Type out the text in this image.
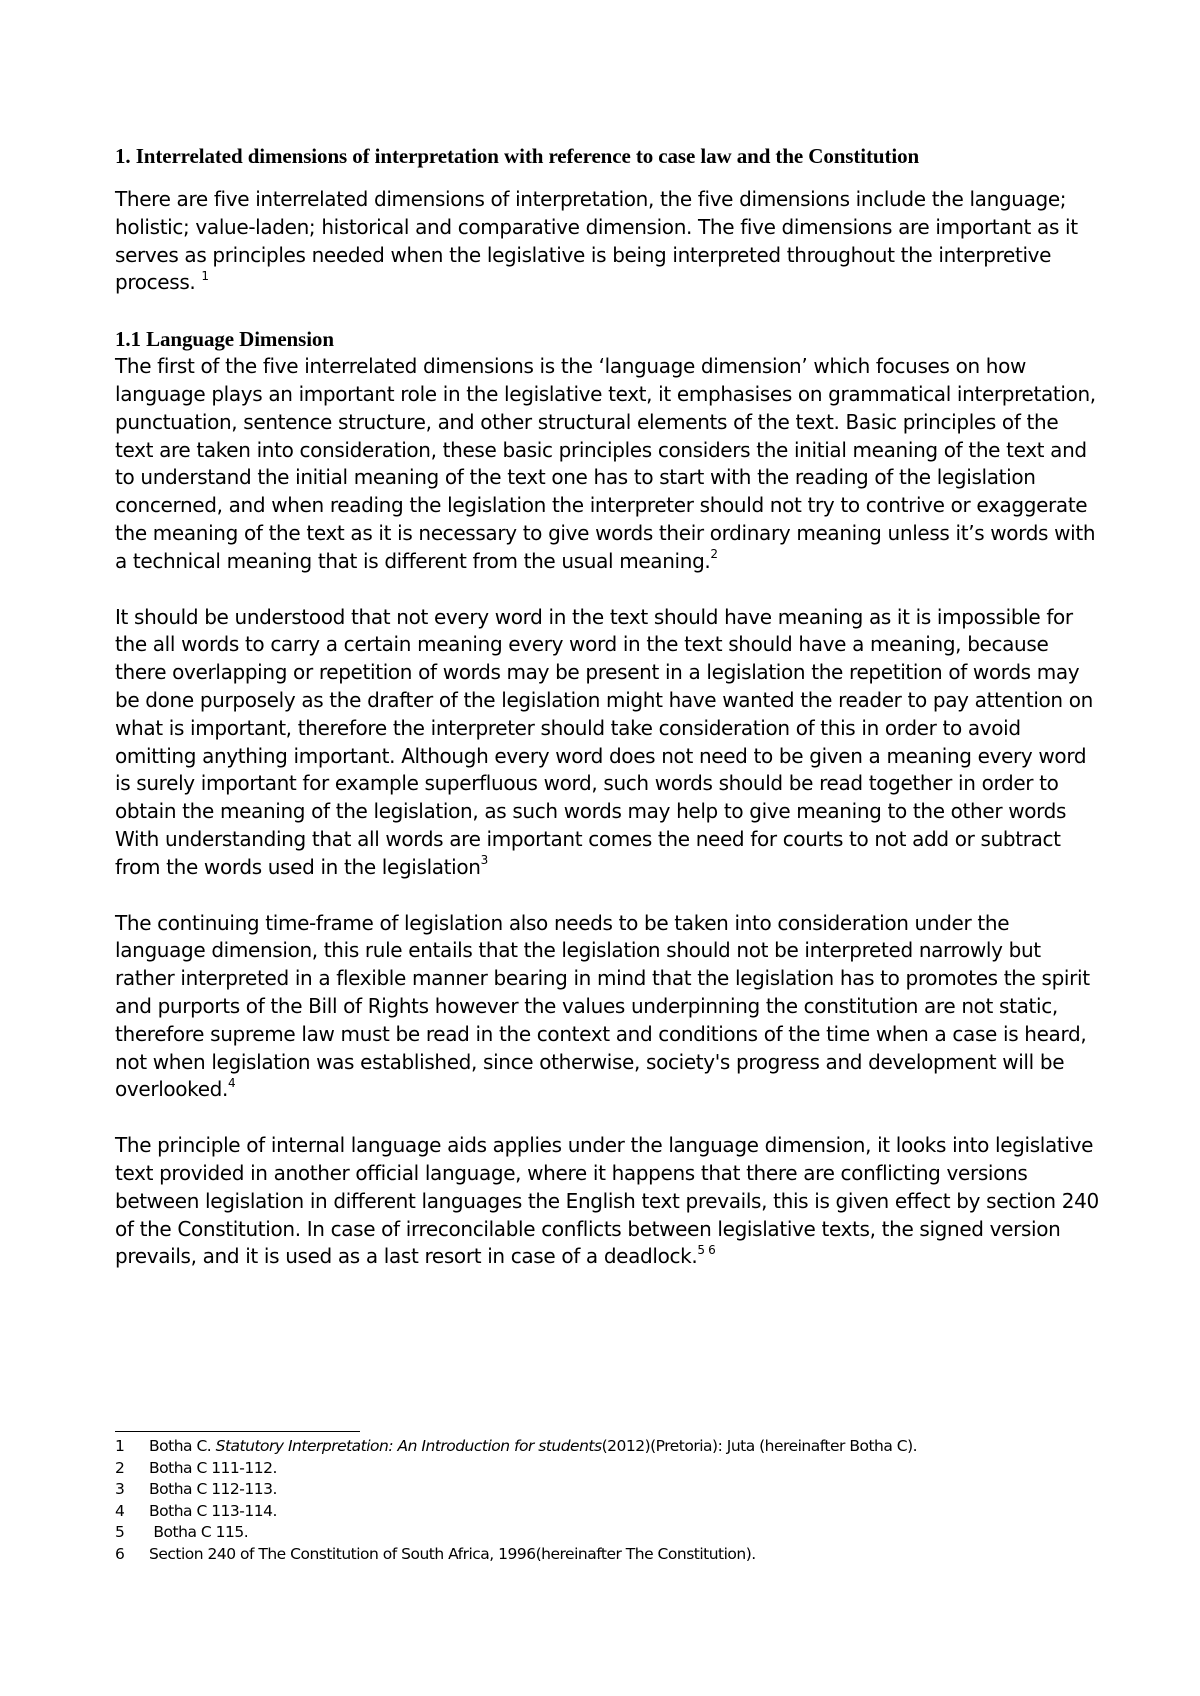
1. Interrelated dimensions of interpretation with reference to case law and the Constitution

There are five interrelated dimensions of interpretation, the five dimensions include the language; holistic; value-laden; historical and comparative dimension. The five dimensions are important as it serves as principles needed when the legislative is being interpreted throughout the interpretive process. $^1$

1.1 Language Dimension

The first of the five interrelated dimensions is the ‘language dimension’ which focuses on how language plays an important role in the legislative text, it emphasises on grammatical interpretation, punctuation, sentence structure, and other structural elements of the text. Basic principles of the text are taken into consideration, these basic principles considers the initial meaning of the text and to understand the initial meaning of the text one has to start with the reading of the legislation concerned, and when reading the legislation the interpreter should not try to contrive or exaggerate the meaning of the text as it is necessary to give words their ordinary meaning unless it’s words with a technical meaning that is different from the usual meaning.$^2$

It should be understood that not every word in the text should have meaning as it is impossible for the all words to carry a certain meaning every word in the text should have a meaning, because there overlapping or repetition of words may be present in a legislation the repetition of words may be done purposely as the drafter of the legislation might have wanted the reader to pay attention on what is important, therefore the interpreter should take consideration of this in order to avoid omitting anything important. Although every word does not need to be given a meaning every word is surely important for example superfluous word, such words should be read together in order to obtain the meaning of the legislation, as such words may help to give meaning to the other words With understanding that all words are important comes the need for courts to not add or subtract from the words used in the legislation$^3$

The continuing time-frame of legislation also needs to be taken into consideration under the language dimension, this rule entails that the legislation should not be interpreted narrowly but rather interpreted in a flexible manner bearing in mind that the legislation has to promotes the spirit and purports of the Bill of Rights however the values underpinning the constitution are not static, therefore supreme law must be read in the context and conditions of the time when a case is heard, not when legislation was established, since otherwise, society's progress and development will be overlooked.$^4$

The principle of internal language aids applies under the language dimension, it looks into legislative text provided in another official language, where it happens that there are conflicting versions between legislation in different languages the English text prevails, this is given effect by section 240 of the Constitution. In case of irreconcilable conflicts between legislative texts, the signed version prevails, and it is used as a last resort in case of a deadlock.$^{5 6}$

1	Botha C. Statutory Interpretation: An Introduction for students(2012)(Pretoria): Juta (hereinafter Botha C).
2	Botha C 111-112.
3	Botha C 112-113.
4	Botha C 113-114.
5	Botha C 115.
6	Section 240 of The Constitution of South Africa, 1996(hereinafter The Constitution).
